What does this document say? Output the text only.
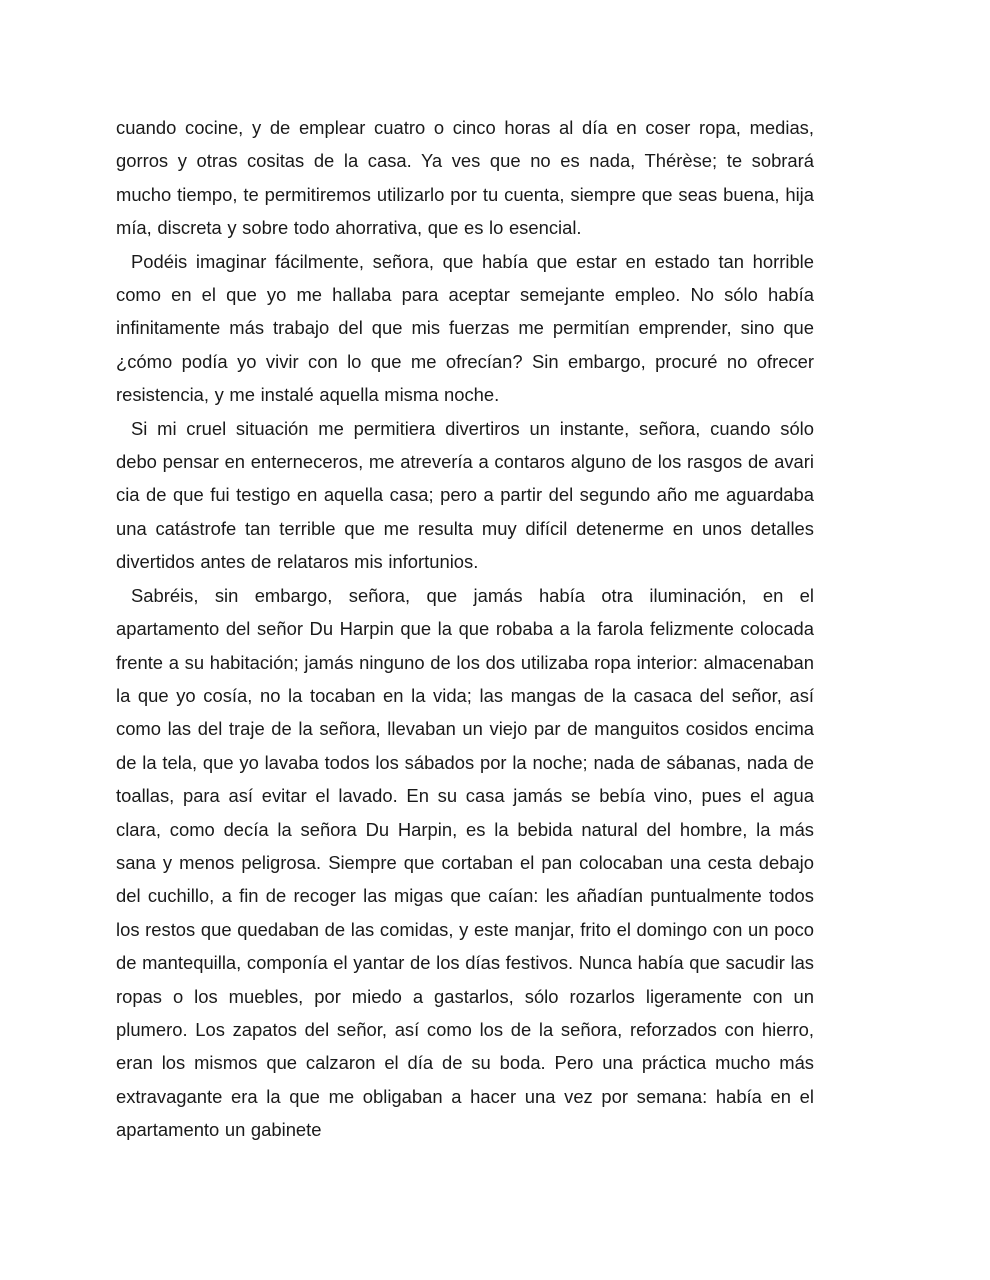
cuando cocine, y de emplear cuatro o cinco horas al día en coser ropa, medias, gorros y otras cositas de la casa. Ya ves que no es nada, Thérèse; te sobrará mucho tiempo, te permitiremos utilizarlo por tu cuenta, siempre que seas buena, hija mía, discreta y sobre todo ahorrativa, que es lo esencial.

Podéis imaginar fácilmente, señora, que había que estar en estado tan horrible como en el que yo me hallaba para aceptar semejante empleo. No sólo había infinitamente más trabajo del que mis fuerzas me permitían emprender, sino que ¿cómo podía yo vivir con lo que me ofrecían? Sin embargo, procuré no ofrecer resistencia, y me instalé aquella misma noche.

Si mi cruel situación me permitiera divertiros un instante, señora, cuando sólo debo pensar en enterneceros, me atrevería a contaros alguno de los rasgos de avari cia de que fui testigo en aquella casa; pero a partir del segundo año me aguardaba una catástrofe tan terrible que me resulta muy difícil detenerme en unos detalles divertidos antes de relataros mis infortunios.

Sabréis, sin embargo, señora, que jamás había otra iluminación, en el apartamento del señor Du Harpin que la que robaba a la farola felizmente colocada frente a su habitación; jamás ninguno de los dos utilizaba ropa interior: almacenaban la que yo cosía, no la tocaban en la vida; las mangas de la casaca del señor, así como las del traje de la señora, llevaban un viejo par de manguitos cosidos encima de la tela, que yo lavaba todos los sábados por la noche; nada de sábanas, nada de toallas, para así evitar el lavado. En su casa jamás se bebía vino, pues el agua clara, como decía la señora Du Harpin, es la bebida natural del hombre, la más sana y menos peligrosa. Siempre que cortaban el pan colocaban una cesta debajo del cuchillo, a fin de recoger las migas que caían: les añadían puntualmente todos los restos que quedaban de las comidas, y este manjar, frito el domingo con un poco de mantequilla, componía el yantar de los días festivos. Nunca había que sacudir las ropas o los muebles, por miedo a gastarlos, sólo rozarlos ligeramente con un plumero. Los zapatos del señor, así como los de la señora, reforzados con hierro, eran los mismos que calzaron el día de su boda. Pero una práctica mucho más extravagante era la que me obligaban a hacer una vez por semana: había en el apartamento un gabinete
